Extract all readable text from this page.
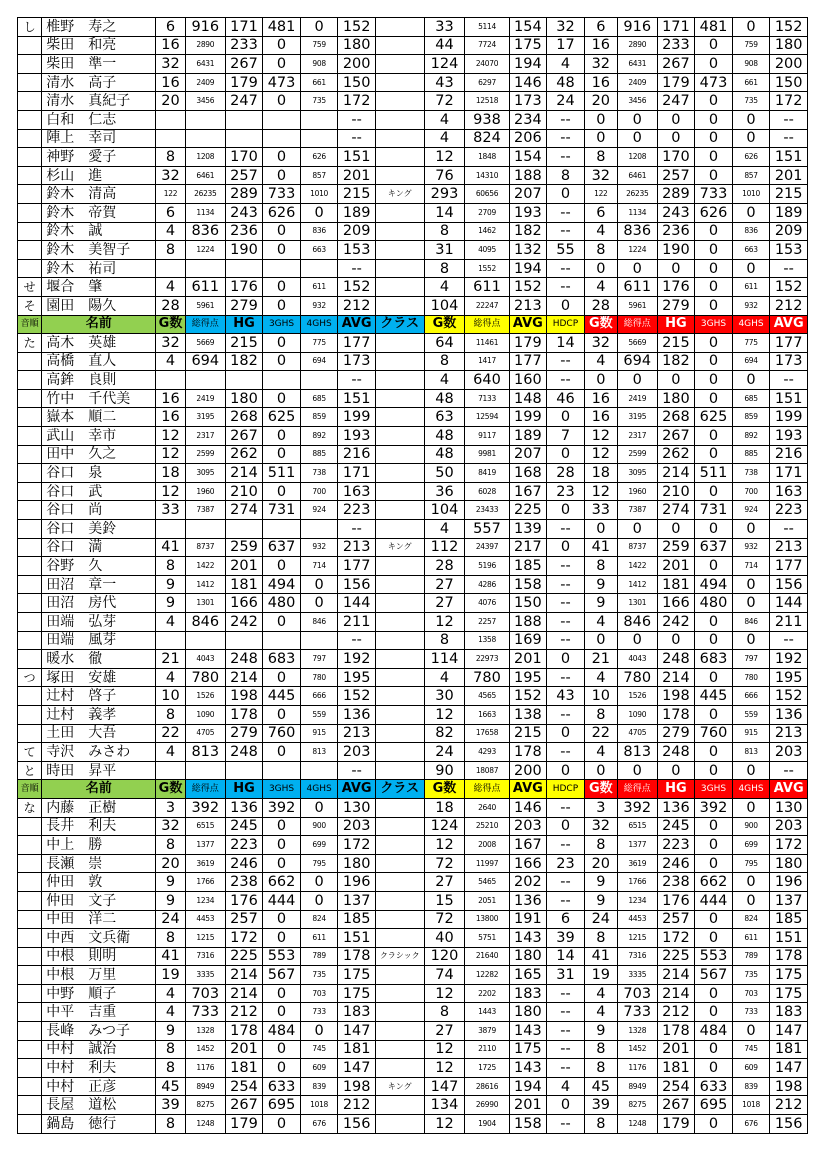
し	椎野　寿之	6	916	171	481	0	152		33	5114	154	32	6	916	171	481	0	152
	柴田　和亮	16	2890	233	0	759	180		44	7724	175	17	16	2890	233	0	759	180
	柴田　準一	32	6431	267	0	908	200		124	24070	194	4	32	6431	267	0	908	200
	清水　高子	16	2409	179	473	661	150		43	6297	146	48	16	2409	179	473	661	150
	清水　真紀子	20	3456	247	0	735	172		72	12518	173	24	20	3456	247	0	735	172
	白和　仁志						--		4	938	234	--	0	0	0	0	0	--
	陣上　幸司						--		4	824	206	--	0	0	0	0	0	--
	神野　愛子	8	1208	170	0	626	151		12	1848	154	--	8	1208	170	0	626	151
	杉山　進	32	6461	257	0	857	201		76	14310	188	8	32	6461	257	0	857	201
	鈴木　清高	122	26235	289	733	1010	215	キング	293	60656	207	0	122	26235	289	733	1010	215
	鈴木　帝賀	6	1134	243	626	0	189		14	2709	193	--	6	1134	243	626	0	189
	鈴木　誠	4	836	236	0	836	209		8	1462	182	--	4	836	236	0	836	209
	鈴木　美智子	8	1224	190	0	663	153		31	4095	132	55	8	1224	190	0	663	153
	鈴木　祐司						--		8	1552	194	--	0	0	0	0	0	--
せ	堰合　肇	4	611	176	0	611	152		4	611	152	--	4	611	176	0	611	152
そ	園田　陽久	28	5961	279	0	932	212		104	22247	213	0	28	5961	279	0	932	212
音順	名前	G数	総得点	HG	3GHS	4GHS	AVG	クラス	G数	総得点	AVG	HDCP	G数	総得点	HG	3GHS	4GHS	AVG
た	高木　英雄	32	5669	215	0	775	177		64	11461	179	14	32	5669	215	0	775	177
	高橋　直人	4	694	182	0	694	173		8	1417	177	--	4	694	182	0	694	173
	高鉾　良則						--		4	640	160	--	0	0	0	0	0	--
	竹中　千代美	16	2419	180	0	685	151		48	7133	148	46	16	2419	180	0	685	151
	嶽本　順二	16	3195	268	625	859	199		63	12594	199	0	16	3195	268	625	859	199
	武山　幸市	12	2317	267	0	892	193		48	9117	189	7	12	2317	267	0	892	193
	田中　久之	12	2599	262	0	885	216		48	9981	207	0	12	2599	262	0	885	216
	谷口　泉	18	3095	214	511	738	171		50	8419	168	28	18	3095	214	511	738	171
	谷口　武	12	1960	210	0	700	163		36	6028	167	23	12	1960	210	0	700	163
	谷口　尚	33	7387	274	731	924	223		104	23433	225	0	33	7387	274	731	924	223
	谷口　美鈴						--		4	557	139	--	0	0	0	0	0	--
	谷口　満	41	8737	259	637	932	213	キング	112	24397	217	0	41	8737	259	637	932	213
	谷野　久	8	1422	201	0	714	177		28	5196	185	--	8	1422	201	0	714	177
	田沼　章一	9	1412	181	494	0	156		27	4286	158	--	9	1412	181	494	0	156
	田沼　房代	9	1301	166	480	0	144		27	4076	150	--	9	1301	166	480	0	144
	田端　弘芽	4	846	242	0	846	211		12	2257	188	--	4	846	242	0	846	211
	田端　風芽						--		8	1358	169	--	0	0	0	0	0	--
	暖水　徹	21	4043	248	683	797	192		114	22973	201	0	21	4043	248	683	797	192
つ	塚田　安雄	4	780	214	0	780	195		4	780	195	--	4	780	214	0	780	195
	辻村　啓子	10	1526	198	445	666	152		30	4565	152	43	10	1526	198	445	666	152
	辻村　義孝	8	1090	178	0	559	136		12	1663	138	--	8	1090	178	0	559	136
	土田　大吾	22	4705	279	760	915	213		82	17658	215	0	22	4705	279	760	915	213
て	寺沢　みさわ	4	813	248	0	813	203		24	4293	178	--	4	813	248	0	813	203
と	時田　昇平						--		90	18087	200	0	0	0	0	0	0	--
音順	名前	G数	総得点	HG	3GHS	4GHS	AVG	クラス	G数	総得点	AVG	HDCP	G数	総得点	HG	3GHS	4GHS	AVG
な	内藤　正樹	3	392	136	392	0	130		18	2640	146	--	3	392	136	392	0	130
	長井　利夫	32	6515	245	0	900	203		124	25210	203	0	32	6515	245	0	900	203
	中上　勝	8	1377	223	0	699	172		12	2008	167	--	8	1377	223	0	699	172
	長瀬　崇	20	3619	246	0	795	180		72	11997	166	23	20	3619	246	0	795	180
	仲田　敦	9	1766	238	662	0	196		27	5465	202	--	9	1766	238	662	0	196
	仲田　文子	9	1234	176	444	0	137		15	2051	136	--	9	1234	176	444	0	137
	中田　洋二	24	4453	257	0	824	185		72	13800	191	6	24	4453	257	0	824	185
	中西　文兵衛	8	1215	172	0	611	151		40	5751	143	39	8	1215	172	0	611	151
	中根　則明	41	7316	225	553	789	178	クラシック	120	21640	180	14	41	7316	225	553	789	178
	中根　万里	19	3335	214	567	735	175		74	12282	165	31	19	3335	214	567	735	175
	中野　順子	4	703	214	0	703	175		12	2202	183	--	4	703	214	0	703	175
	中平　吉重	4	733	212	0	733	183		8	1443	180	--	4	733	212	0	733	183
	長峰　みつ子	9	1328	178	484	0	147		27	3879	143	--	9	1328	178	484	0	147
	中村　誠治	8	1452	201	0	745	181		12	2110	175	--	8	1452	201	0	745	181
	中村　利夫	8	1176	181	0	609	147		12	1725	143	--	8	1176	181	0	609	147
	中村　正彦	45	8949	254	633	839	198	キング	147	28616	194	4	45	8949	254	633	839	198
	長屋　道松	39	8275	267	695	1018	212		134	26990	201	0	39	8275	267	695	1018	212
	鍋島　徳行	8	1248	179	0	676	156		12	1904	158	--	8	1248	179	0	676	156
